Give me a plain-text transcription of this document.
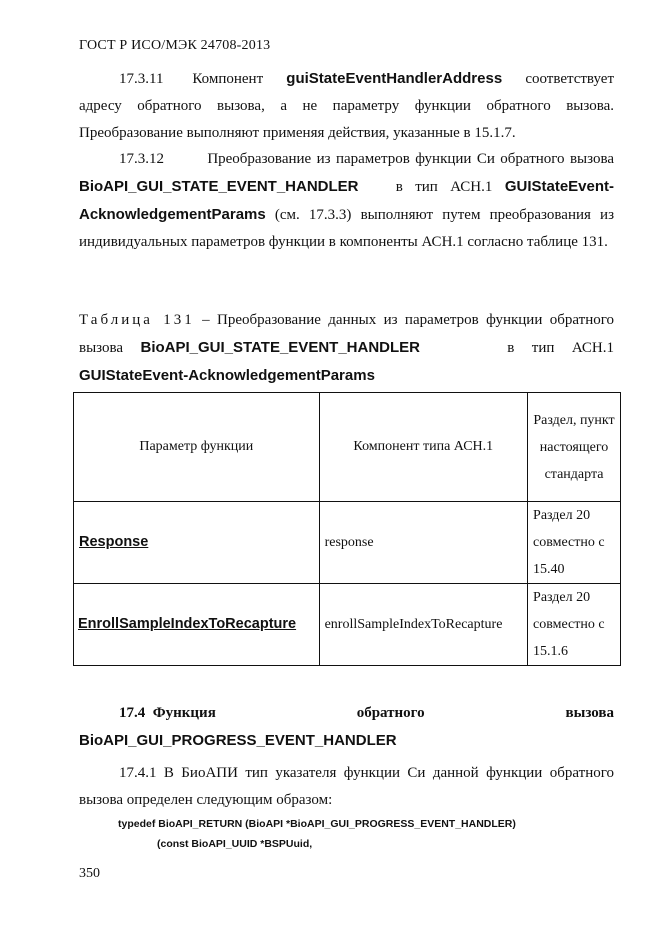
ГОСТ Р ИСО/МЭК 24708-2013
17.3.11 Компонент guiStateEventHandlerAddress соответствует адресу обратного вызова, а не параметру функции обратного вызова. Преобразование выполняют применяя действия, указанные в 15.1.7.
17.3.12	Преобразование из параметров функции Си обратного вызова BioAPI_GUI_STATE_EVENT_HANDLER в тип АСН.1 GUIStateEvent-AcknowledgementParams (см. 17.3.3) выполняют путем преобразования из индивидуальных параметров функции в компоненты АСН.1 согласно таблице 131.
Таблица 131 – Преобразование данных из параметров функции обратного вызова BioAPI_GUI_STATE_EVENT_HANDLER	в тип АСН.1 GUIStateEvent-AcknowledgementParams
Параметр функции	Компонент типа АСН.1	Раздел, пункт настоящего стандарта
Response	response	Раздел 20 совместно с 15.40
EnrollSampleIndexToRecapture	enrollSampleIndexToRecapture	Раздел 20 совместно с 15.1.6
17.4 Функция	обратного	вызова
BioAPI_GUI_PROGRESS_EVENT_HANDLER
17.4.1 В БиоАПИ тип указателя функции Си данной функции обратного вызова определен следующим образом:
typedef BioAPI_RETURN (BioAPI *BioAPI_GUI_PROGRESS_EVENT_HANDLER)
(const BioAPI_UUID *BSPUuid,
350
